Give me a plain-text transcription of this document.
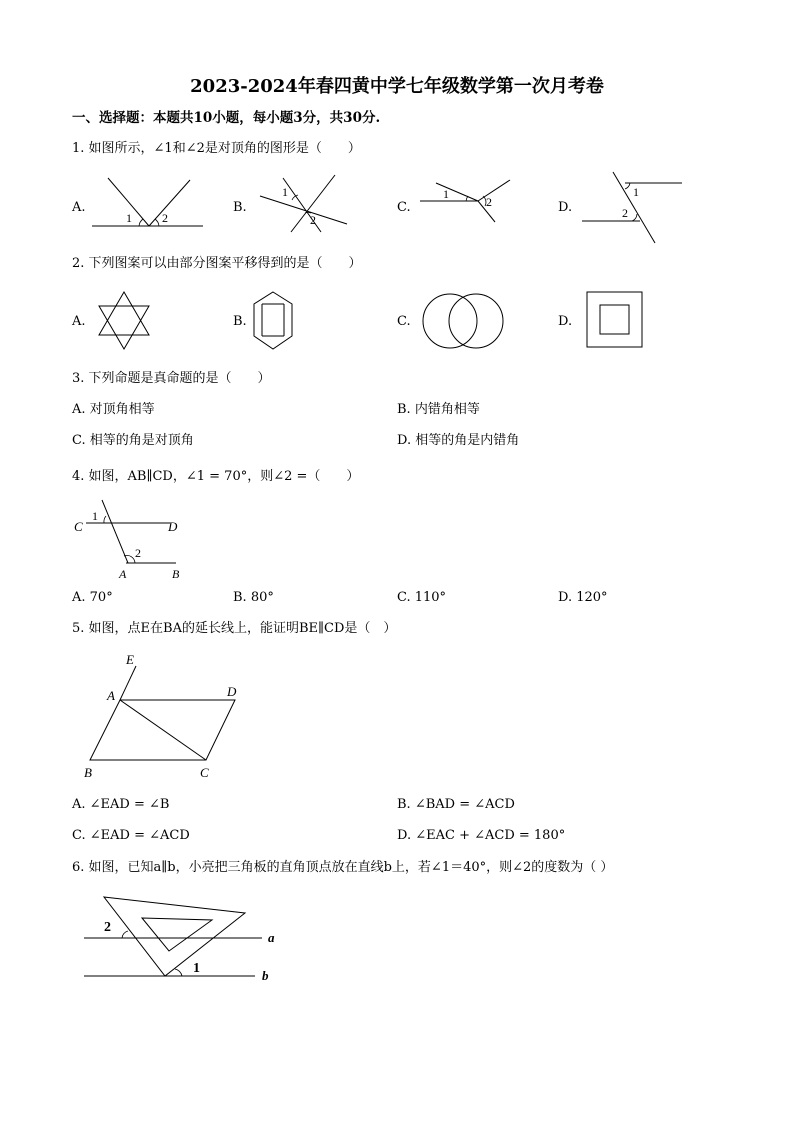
2023-2024年春四黄中学七年级数学第一次月考卷
一、选择题：本题共10小题，每小题3分，共30分.
1. 如图所示，∠1和∠2是对顶角的图形是（　　）
A.	B.	C.	D.
1	2
1
2
1
2
1
2
2. 下列图案可以由部分图案平移得到的是（　　）
A.	B.	C.	D.
3. 下列命题是真命题的是（　　）
A. 对顶角相等	B. 内错角相等
C. 相等的角是对顶角	D. 相等的角是内错角
4. 如图，AB∥CD，∠1 = 70°，则∠2 =（　　）
C	D
A	B
1
2
A. 70°	B. 80°	C. 110°	D. 120°
5. 如图，点E在BA的延长线上，能证明BE∥CD是（　）
E
A	D
B	C
A. ∠EAD = ∠B	B. ∠BAD = ∠ACD
C. ∠EAD = ∠ACD	D. ∠EAC + ∠ACD = 180°
6. 如图，已知a∥b，小亮把三角板的直角顶点放在直线b上，若∠1＝40°，则∠2的度数为（ ）
2
1
a
b
